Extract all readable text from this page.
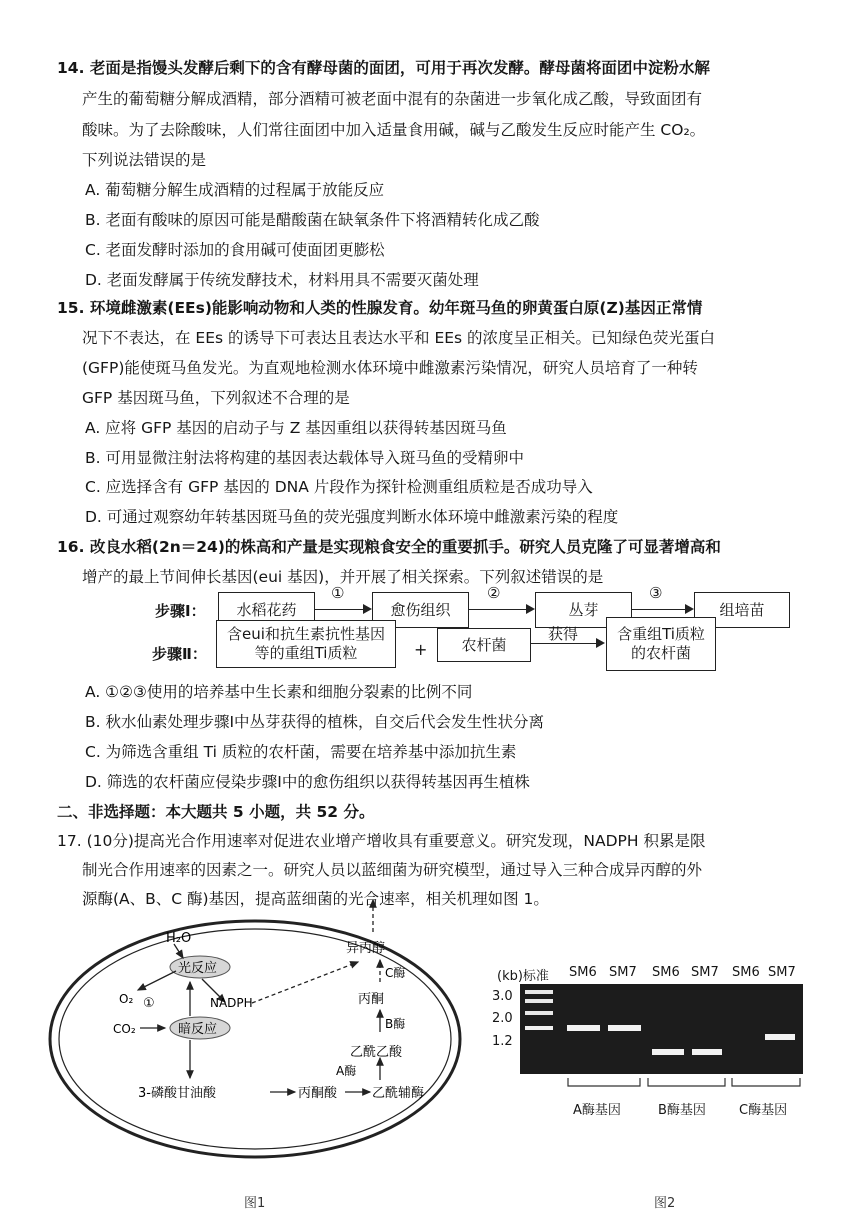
14. 老面是指馒头发酵后剩下的含有酵母菌的面团，可用于再次发酵。酵母菌将面团中淀粉水解
产生的葡萄糖分解成酒精，部分酒精可被老面中混有的杂菌进一步氧化成乙酸，导致面团有
酸味。为了去除酸味，人们常往面团中加入适量食用碱，碱与乙酸发生反应时能产生 CO₂。
下列说法错误的是
A. 葡萄糖分解生成酒精的过程属于放能反应
B. 老面有酸味的原因可能是醋酸菌在缺氧条件下将酒精转化成乙酸
C. 老面发酵时添加的食用碱可使面团更膨松
D. 老面发酵属于传统发酵技术，材料用具不需要灭菌处理
15. 环境雌激素(EEs)能影响动物和人类的性腺发育。幼年斑马鱼的卵黄蛋白原(Z)基因正常情
况下不表达，在 EEs 的诱导下可表达且表达水平和 EEs 的浓度呈正相关。已知绿色荧光蛋白
(GFP)能使斑马鱼发光。为直观地检测水体环境中雌激素污染情况，研究人员培育了一种转
GFP 基因斑马鱼，下列叙述不合理的是
A. 应将 GFP 基因的启动子与 Z 基因重组以获得转基因斑马鱼
B. 可用显微注射法将构建的基因表达载体导入斑马鱼的受精卵中
C. 应选择含有 GFP 基因的 DNA 片段作为探针检测重组质粒是否成功导入
D. 可通过观察幼年转基因斑马鱼的荧光强度判断水体环境中雌激素污染的程度
16. 改良水稻(2n＝24)的株高和产量是实现粮食安全的重要抓手。研究人员克隆了可显著增高和
增产的最上节间伸长基因(eui 基因)，并开展了相关探索。下列叙述错误的是
步骤Ⅰ：	水稻花药
①
愈伤组织
②
丛芽
③
组培苗
步骤Ⅱ：
含eui和抗生素抗性基因等的重组Ti质粒	+	农杆菌
获得	含重组Ti质粒的农杆菌
A. ①②③使用的培养基中生长素和细胞分裂素的比例不同
B. 秋水仙素处理步骤Ⅰ中丛芽获得的植株，自交后代会发生性状分离
C. 为筛选含重组 Ti 质粒的农杆菌，需要在培养基中添加抗生素
D. 筛选的农杆菌应侵染步骤Ⅰ中的愈伤组织以获得转基因再生植株
二、非选择题：本大题共 5 小题，共 52 分。
17. (10分)提高光合作用速率对促进农业增产增收具有重要意义。研究发现，NADPH 积累是限
制光合作用速率的因素之一。研究人员以蓝细菌为研究模型，通过导入三种合成异丙醇的外
源酶(A、B、C 酶)基因，提高蓝细菌的光合速率，相关机理如图 1。
H₂O
光反应
O₂ ①	NADPH
CO₂	暗反应
3-磷酸甘油酸	丙酮酸	乙酰辅酶
A酶
乙酰乙酸
B酶
丙酮
C酶
异丙醇
图1
(kb)标准 SM6 SM7 SM6 SM7 SM6 SM7
3.0
2.0
1.2
A酶基因	B酶基因	C酶基因
图2
